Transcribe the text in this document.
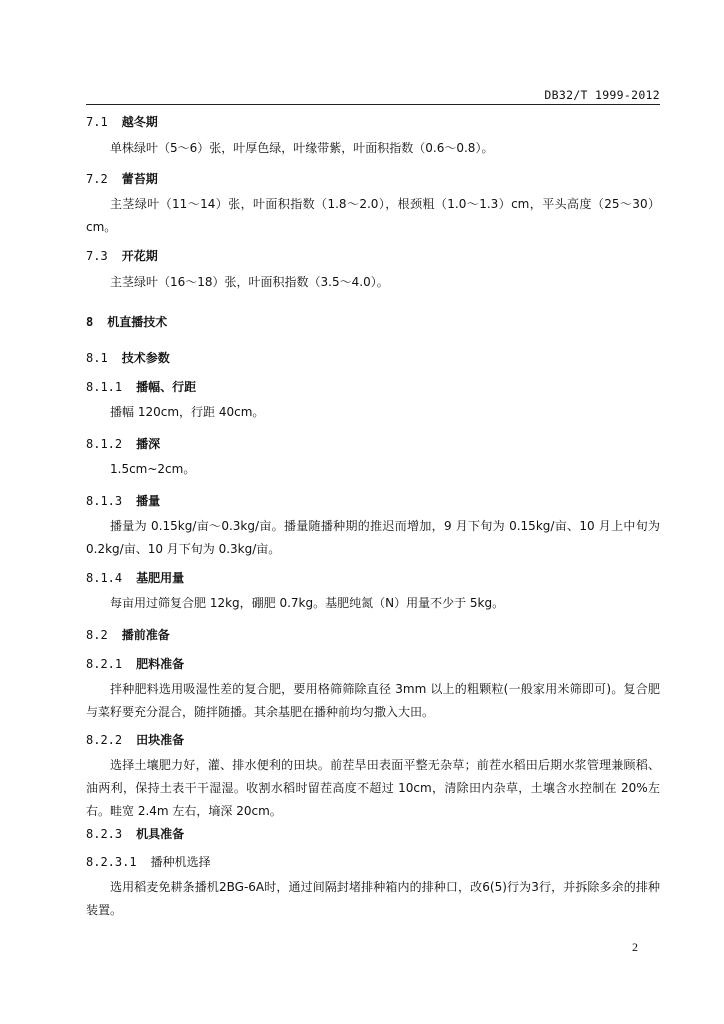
DB32/T 1999-2012
7.1 越冬期
单株绿叶（5～6）张，叶厚色绿，叶缘带紫，叶面积指数（0.6～0.8）。
7.2 蕾苔期
主茎绿叶（11～14）张，叶面积指数（1.8～2.0），根颈粗（1.0～1.3）cm，平头高度（25～30）cm。
7.3 开花期
主茎绿叶（16～18）张，叶面积指数（3.5～4.0）。
8 机直播技术
8.1 技术参数
8.1.1 播幅、行距
播幅 120cm，行距 40cm。
8.1.2 播深
1.5cm~2cm。
8.1.3 播量
播量为 0.15kg/亩～0.3kg/亩。播量随播种期的推迟而增加，9 月下旬为 0.15kg/亩、10 月上中旬为 0.2kg/亩、10 月下旬为 0.3kg/亩。
8.1.4 基肥用量
每亩用过筛复合肥 12kg，硼肥 0.7kg。基肥纯氮（N）用量不少于 5kg。
8.2 播前准备
8.2.1 肥料准备
拌种肥料选用吸湿性差的复合肥，要用格筛筛除直径 3mm 以上的粗颗粒(一般家用米筛即可)。复合肥与菜籽要充分混合，随拌随播。其余基肥在播种前均匀撒入大田。
8.2.2 田块准备
选择土壤肥力好，灌、排水便利的田块。前茬旱田表面平整无杂草；前茬水稻田后期水浆管理兼顾稻、油两利，保持土表干干湿湿。收割水稻时留茬高度不超过 10cm，清除田内杂草，土壤含水控制在 20%左右。畦宽 2.4m 左右，墒深 20cm。
8.2.3 机具准备
8.2.3.1 播种机选择
选用稻麦免耕条播机2BG-6A时，通过间隔封堵排种箱内的排种口，改6(5)行为3行，并拆除多余的排种装置。
2
